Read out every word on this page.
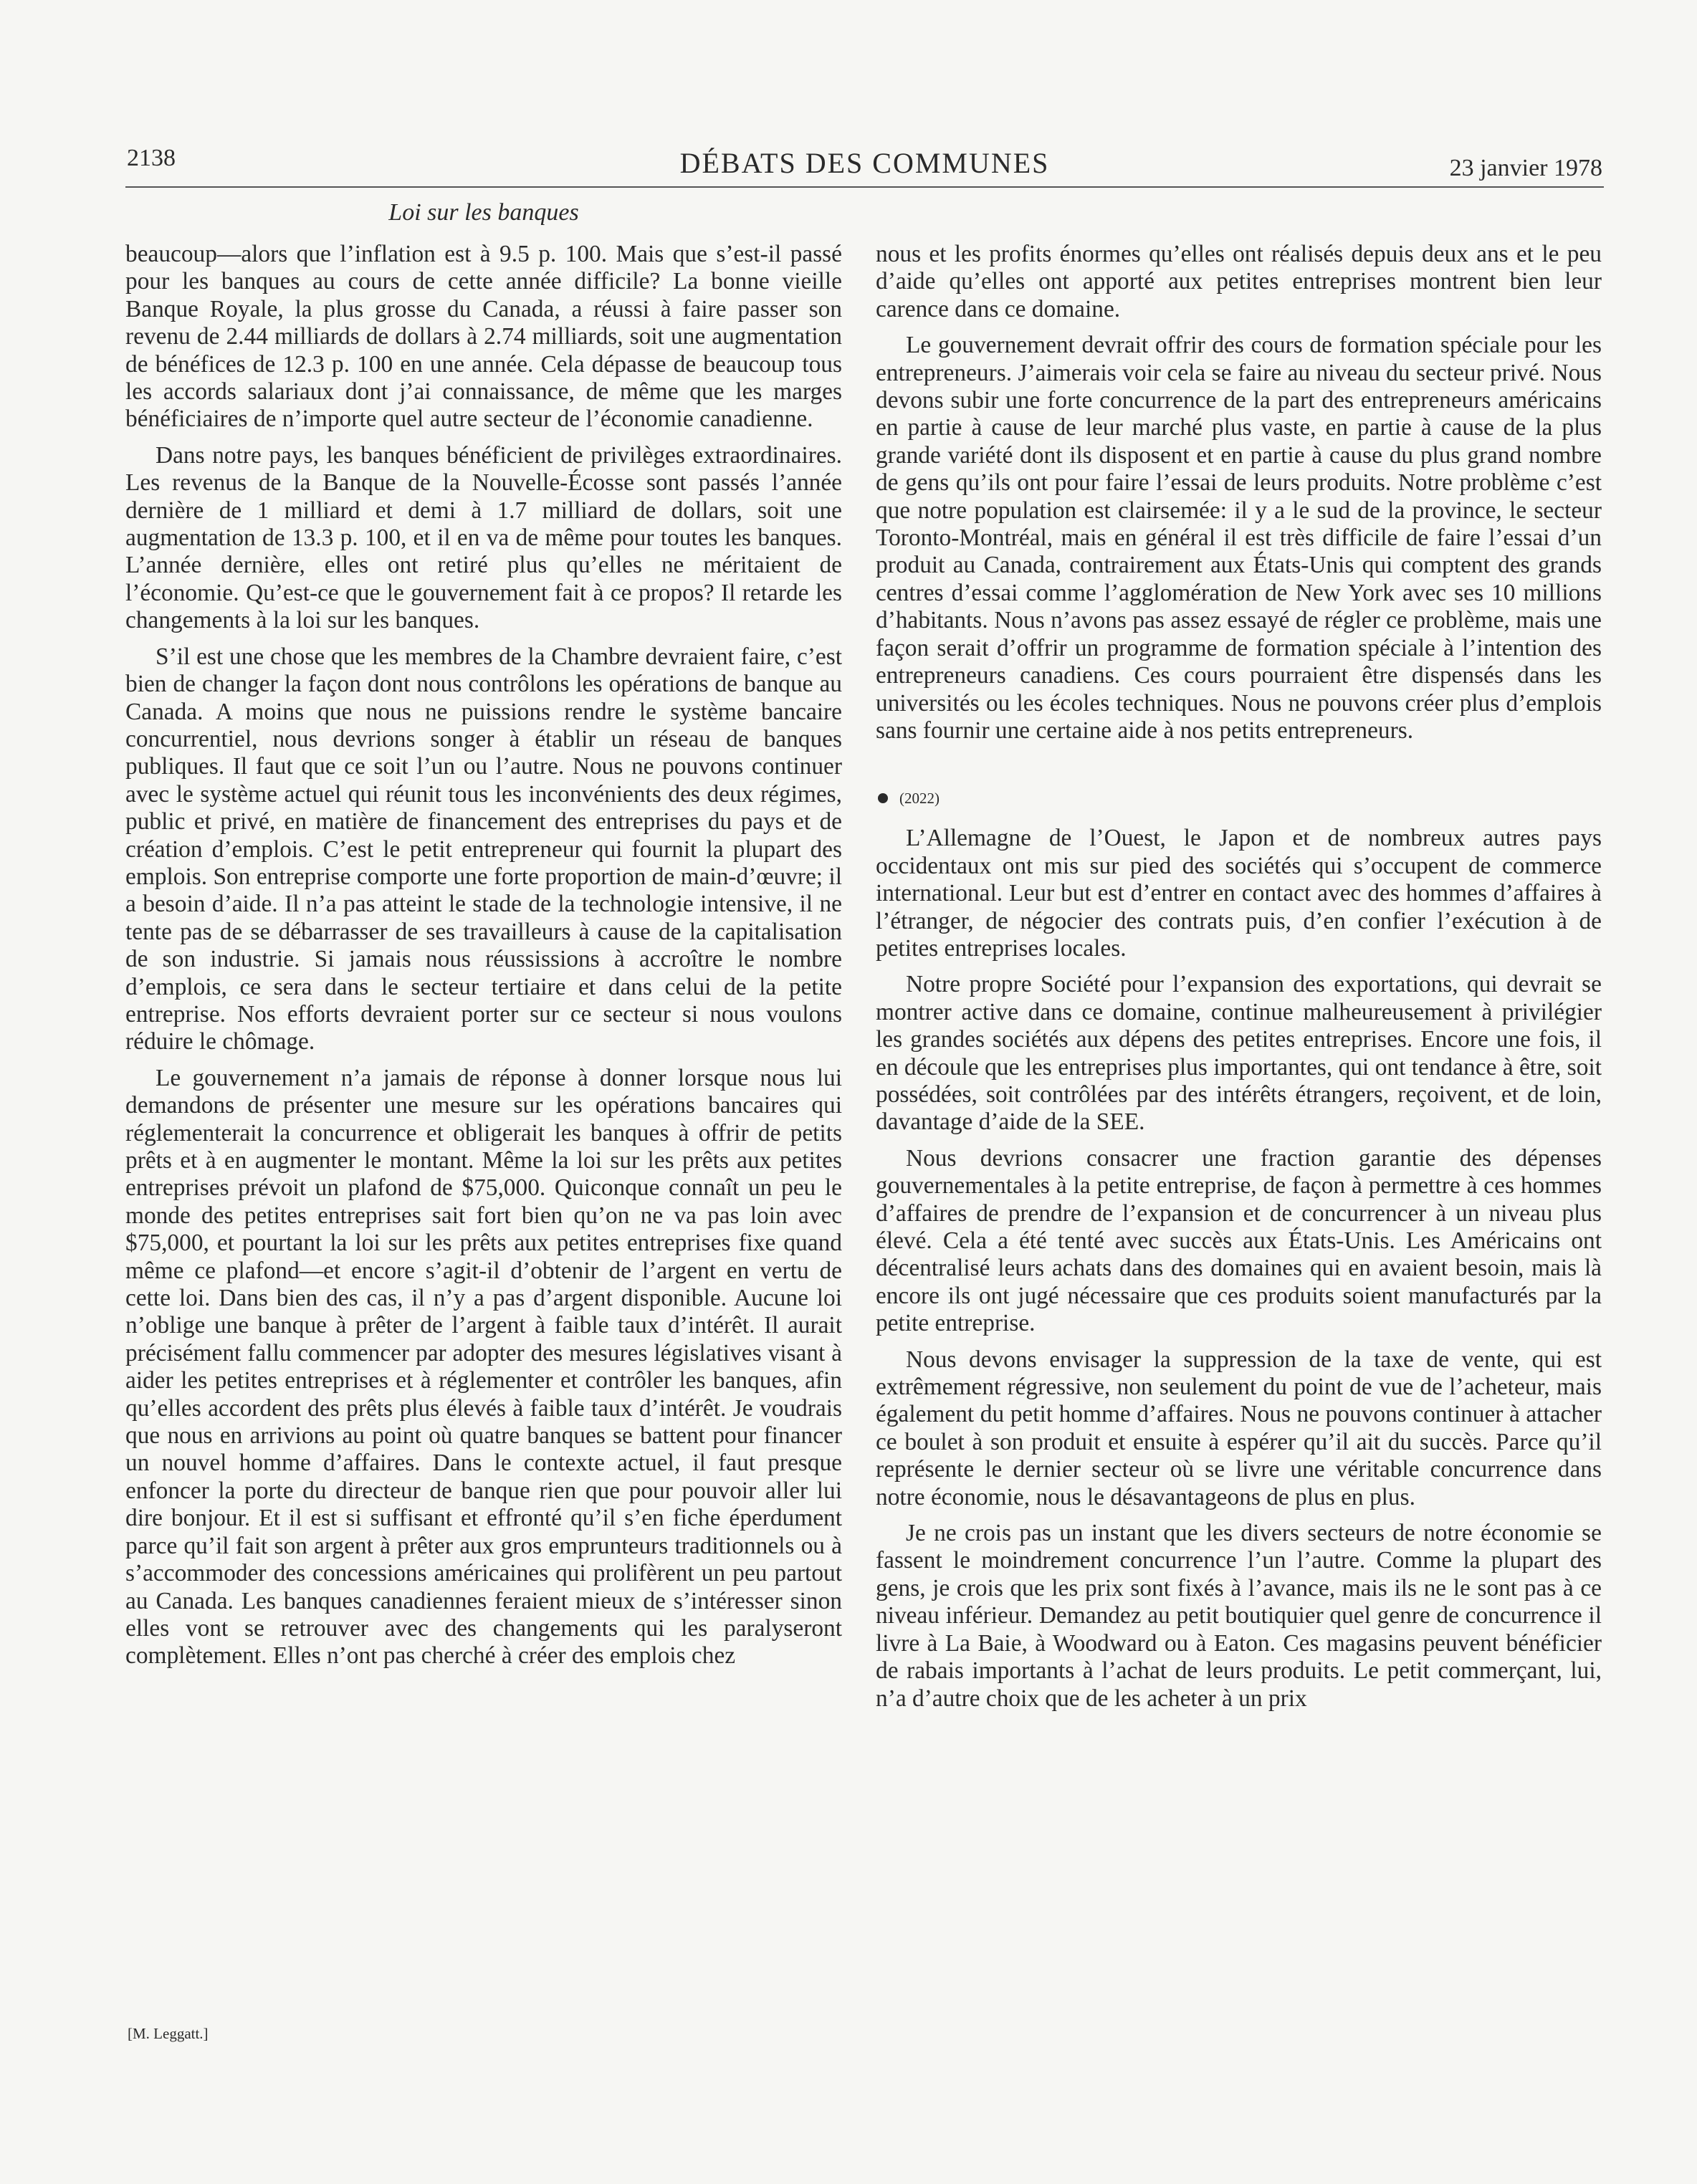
2138	DÉBATS DES COMMUNES	23 janvier 1978
Loi sur les banques

beaucoup—alors que l’inflation est à 9.5 p. 100. Mais que s’est-il passé pour les banques au cours de cette année difficile? La bonne vieille Banque Royale, la plus grosse du Canada, a réussi à faire passer son revenu de 2.44 milliards de dollars à 2.74 milliards, soit une augmentation de bénéfices de 12.3 p. 100 en une année. Cela dépasse de beaucoup tous les accords salariaux dont j’ai connaissance, de même que les marges bénéficiaires de n’importe quel autre secteur de l’économie canadienne.

Dans notre pays, les banques bénéficient de privilèges extraordinaires. Les revenus de la Banque de la Nouvelle-Écosse sont passés l’année dernière de 1 milliard et demi à 1.7 milliard de dollars, soit une augmentation de 13.3 p. 100, et il en va de même pour toutes les banques. L’année dernière, elles ont retiré plus qu’elles ne méritaient de l’économie. Qu’est-ce que le gouvernement fait à ce propos? Il retarde les changements à la loi sur les banques.

S’il est une chose que les membres de la Chambre devraient faire, c’est bien de changer la façon dont nous contrôlons les opérations de banque au Canada. A moins que nous ne puissions rendre le système bancaire concurrentiel, nous devrions songer à établir un réseau de banques publiques. Il faut que ce soit l’un ou l’autre. Nous ne pouvons continuer avec le système actuel qui réunit tous les inconvénients des deux régimes, public et privé, en matière de financement des entreprises du pays et de création d’emplois. C’est le petit entrepreneur qui fournit la plupart des emplois. Son entreprise comporte une forte proportion de main-d’œuvre; il a besoin d’aide. Il n’a pas atteint le stade de la technologie intensive, il ne tente pas de se débarrasser de ses travailleurs à cause de la capitalisation de son industrie. Si jamais nous réussissions à accroître le nombre d’emplois, ce sera dans le secteur tertiaire et dans celui de la petite entreprise. Nos efforts devraient porter sur ce secteur si nous voulons réduire le chômage.

Le gouvernement n’a jamais de réponse à donner lorsque nous lui demandons de présenter une mesure sur les opérations bancaires qui réglementerait la concurrence et obligerait les banques à offrir de petits prêts et à en augmenter le montant. Même la loi sur les prêts aux petites entreprises prévoit un plafond de $75,000. Quiconque connaît un peu le monde des petites entreprises sait fort bien qu’on ne va pas loin avec $75,000, et pourtant la loi sur les prêts aux petites entreprises fixe quand même ce plafond—et encore s’agit-il d’obtenir de l’argent en vertu de cette loi. Dans bien des cas, il n’y a pas d’argent disponible. Aucune loi n’oblige une banque à prêter de l’argent à faible taux d’intérêt. Il aurait précisément fallu commencer par adopter des mesures législatives visant à aider les petites entreprises et à réglementer et contrôler les banques, afin qu’elles accordent des prêts plus élevés à faible taux d’intérêt. Je voudrais que nous en arrivions au point où quatre banques se battent pour financer un nouvel homme d’affaires. Dans le contexte actuel, il faut presque enfoncer la porte du directeur de banque rien que pour pouvoir aller lui dire bonjour. Et il est si suffisant et effronté qu’il s’en fiche éperdument parce qu’il fait son argent à prêter aux gros emprunteurs traditionnels ou à s’accommoder des concessions américaines qui prolifèrent un peu partout au Canada. Les banques canadiennes feraient mieux de s’intéresser sinon elles vont se retrouver avec des changements qui les paralyseront complètement. Elles n’ont pas cherché à créer des emplois chez

[M. Leggatt.]

nous et les profits énormes qu’elles ont réalisés depuis deux ans et le peu d’aide qu’elles ont apporté aux petites entreprises montrent bien leur carence dans ce domaine.

Le gouvernement devrait offrir des cours de formation spéciale pour les entrepreneurs. J’aimerais voir cela se faire au niveau du secteur privé. Nous devons subir une forte concurrence de la part des entrepreneurs américains en partie à cause de leur marché plus vaste, en partie à cause de la plus grande variété dont ils disposent et en partie à cause du plus grand nombre de gens qu’ils ont pour faire l’essai de leurs produits. Notre problème c’est que notre population est clairsemée: il y a le sud de la province, le secteur Toronto-Montréal, mais en général il est très difficile de faire l’essai d’un produit au Canada, contrairement aux États-Unis qui comptent des grands centres d’essai comme l’agglomération de New York avec ses 10 millions d’habitants. Nous n’avons pas assez essayé de régler ce problème, mais une façon serait d’offrir un programme de formation spéciale à l’intention des entrepreneurs canadiens. Ces cours pourraient être dispensés dans les universités ou les écoles techniques. Nous ne pouvons créer plus d’emplois sans fournir une certaine aide à nos petits entrepreneurs.

(2022)

L’Allemagne de l’Ouest, le Japon et de nombreux autres pays occidentaux ont mis sur pied des sociétés qui s’occupent de commerce international. Leur but est d’entrer en contact avec des hommes d’affaires à l’étranger, de négocier des contrats puis, d’en confier l’exécution à de petites entreprises locales.

Notre propre Société pour l’expansion des exportations, qui devrait se montrer active dans ce domaine, continue malheureusement à privilégier les grandes sociétés aux dépens des petites entreprises. Encore une fois, il en découle que les entreprises plus importantes, qui ont tendance à être, soit possédées, soit contrôlées par des intérêts étrangers, reçoivent, et de loin, davantage d’aide de la SEE.

Nous devrions consacrer une fraction garantie des dépenses gouvernementales à la petite entreprise, de façon à permettre à ces hommes d’affaires de prendre de l’expansion et de concurrencer à un niveau plus élevé. Cela a été tenté avec succès aux États-Unis. Les Américains ont décentralisé leurs achats dans des domaines qui en avaient besoin, mais là encore ils ont jugé nécessaire que ces produits soient manufacturés par la petite entreprise.

Nous devons envisager la suppression de la taxe de vente, qui est extrêmement régressive, non seulement du point de vue de l’acheteur, mais également du petit homme d’affaires. Nous ne pouvons continuer à attacher ce boulet à son produit et ensuite à espérer qu’il ait du succès. Parce qu’il représente le dernier secteur où se livre une véritable concurrence dans notre économie, nous le désavantageons de plus en plus.

Je ne crois pas un instant que les divers secteurs de notre économie se fassent le moindrement concurrence l’un l’autre. Comme la plupart des gens, je crois que les prix sont fixés à l’avance, mais ils ne le sont pas à ce niveau inférieur. Demandez au petit boutiquier quel genre de concurrence il livre à La Baie, à Woodward ou à Eaton. Ces magasins peuvent bénéficier de rabais importants à l’achat de leurs produits. Le petit commerçant, lui, n’a d’autre choix que de les acheter à un prix
